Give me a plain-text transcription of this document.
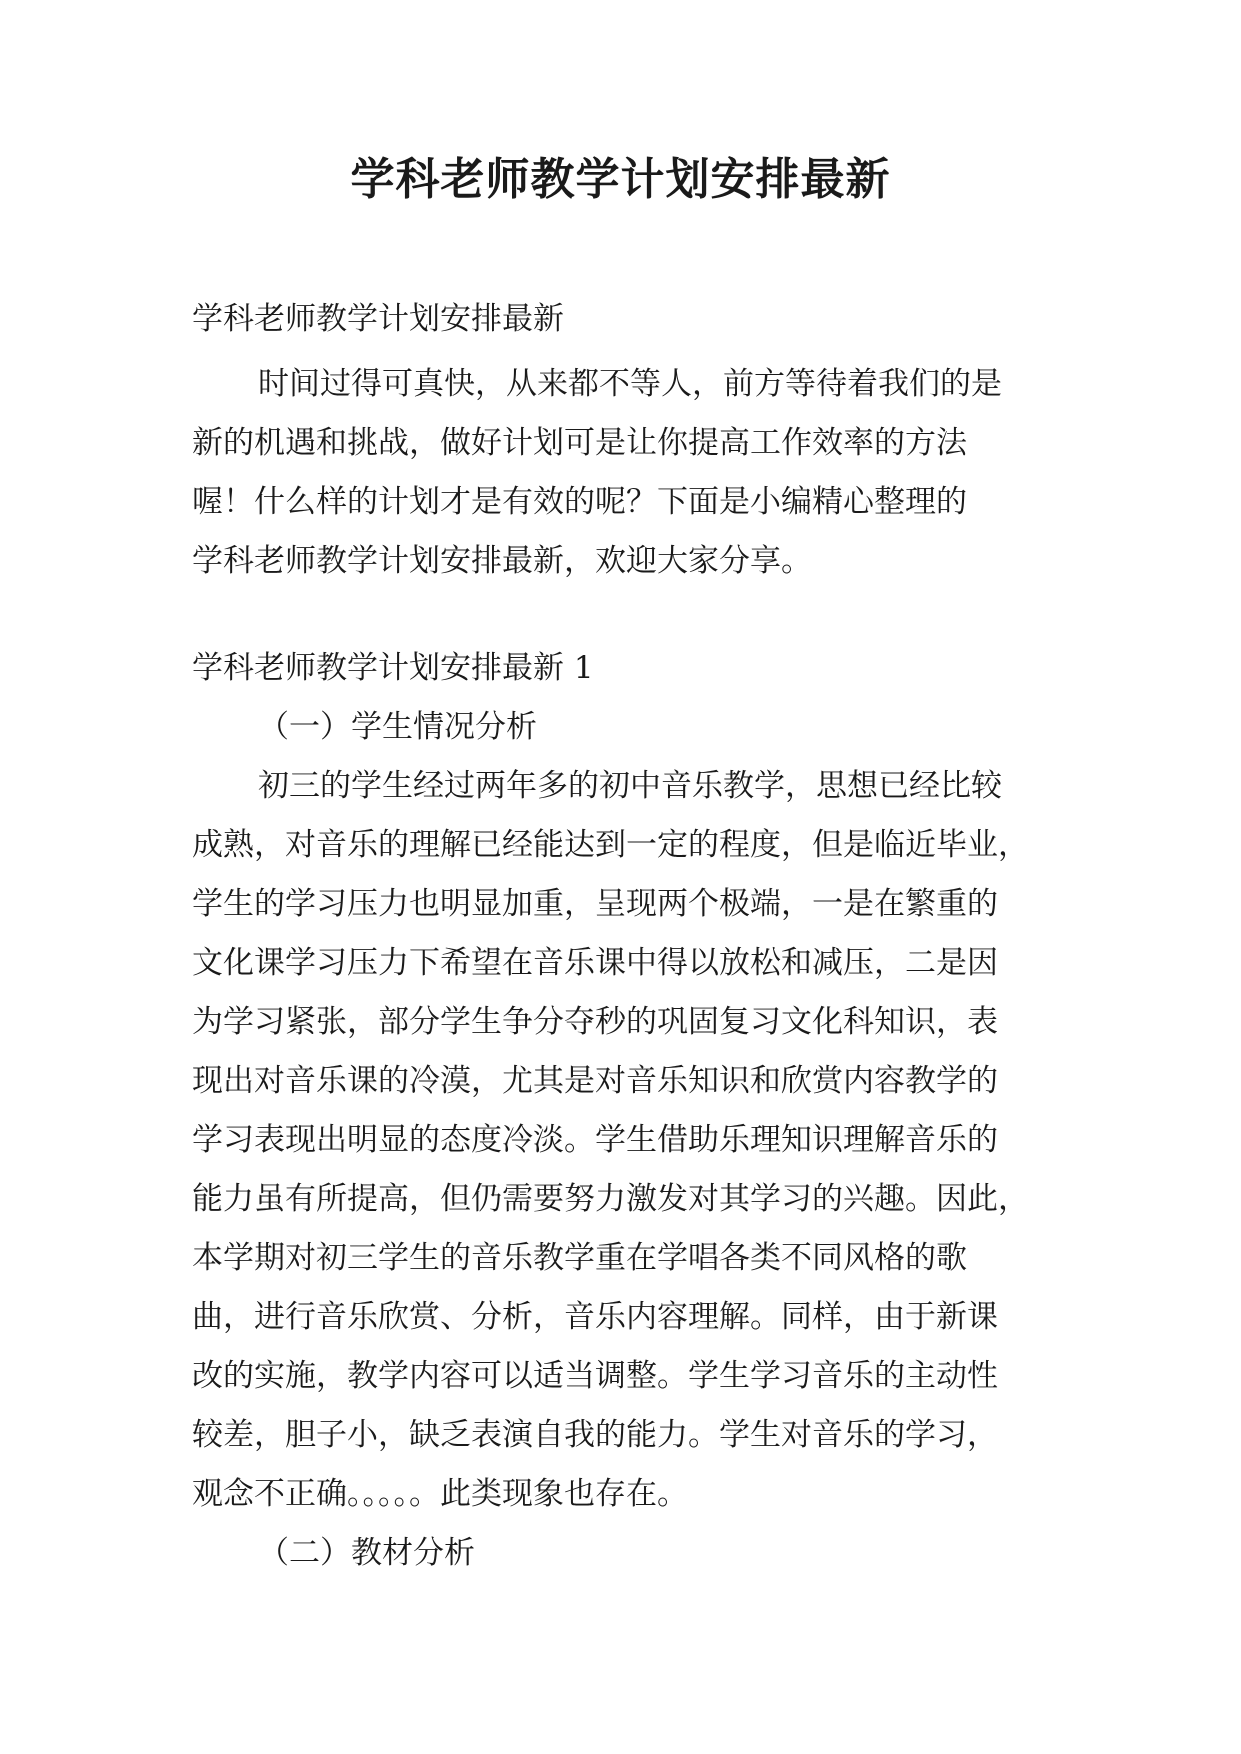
学科老师教学计划安排最新

学科老师教学计划安排最新

时间过得可真快，从来都不等人，前方等待着我们的是

新的机遇和挑战，做好计划可是让你提高工作效率的方法

喔！什么样的计划才是有效的呢？下面是小编精心整理的

学科老师教学计划安排最新，欢迎大家分享。

学科老师教学计划安排最新 1

（一）学生情况分析

初三的学生经过两年多的初中音乐教学，思想已经比较

成熟，对音乐的理解已经能达到一定的程度，但是临近毕业，

学生的学习压力也明显加重，呈现两个极端，一是在繁重的

文化课学习压力下希望在音乐课中得以放松和减压，二是因

为学习紧张，部分学生争分夺秒的巩固复习文化科知识，表

现出对音乐课的冷漠，尤其是对音乐知识和欣赏内容教学的

学习表现出明显的态度冷淡。学生借助乐理知识理解音乐的

能力虽有所提高，但仍需要努力激发对其学习的兴趣。因此，

本学期对初三学生的音乐教学重在学唱各类不同风格的歌

曲，进行音乐欣赏、分析，音乐内容理解。同样，由于新课

改的实施，教学内容可以适当调整。学生学习音乐的主动性

较差，胆子小，缺乏表演自我的能力。学生对音乐的学习，

观念不正确。。。。。此类现象也存在。

（二）教材分析
